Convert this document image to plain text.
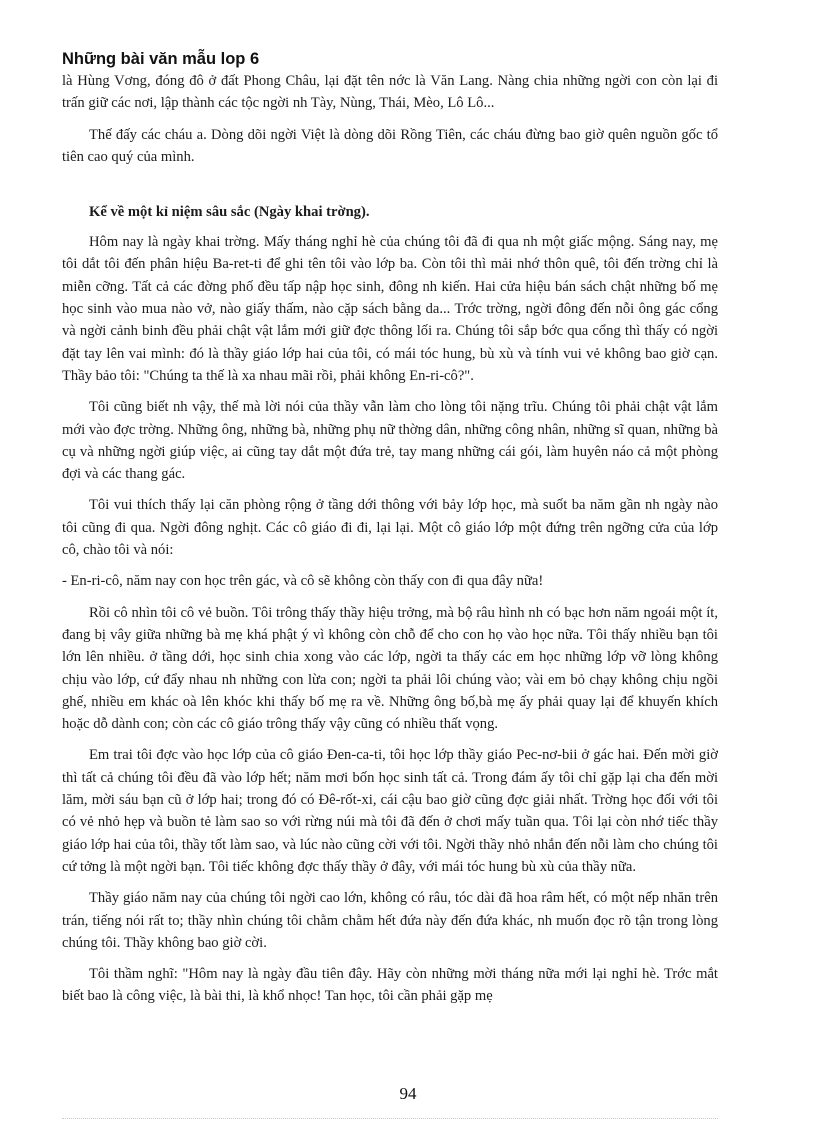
Những bài văn mẫu lop 6

là Hùng Vơng, đóng đô ở đất Phong Châu, lại đặt tên nớc là Văn Lang. Nàng chia những ngời con còn lại đi trấn giữ các nơi, lập thành các tộc ngời nh Tày, Nùng, Thái, Mèo, Lô Lô...

Thế đấy các cháu a. Dòng dõi ngời Việt là dòng dõi Rồng Tiên, các cháu đừng bao giờ quên nguồn gốc tổ tiên cao quý của mình.

Kể về một kỉ niệm sâu sắc (Ngày khai trờng).

Hôm nay là ngày khai trờng. Mấy tháng nghỉ hè của chúng tôi đã đi qua nh một giấc mộng. Sáng nay, mẹ tôi dắt tôi đến phân hiệu Ba-ret-ti để ghi tên tôi vào lớp ba. Còn tôi thì mải nhớ thôn quê, tôi đến trờng chỉ là miễn cỡng. Tất cả các đờng phố đều tấp nập học sinh, đông nh kiến. Hai cửa hiệu bán sách chật những bố mẹ học sinh vào mua nào vở, nào giấy thấm, nào cặp sách bằng da... Trớc trờng, ngời đông đến nỗi ông gác cổng và ngời cảnh binh đều phải chật vật lắm mới giữ đợc thông lối ra. Chúng tôi sắp bớc qua cổng thì thấy có ngời đặt tay lên vai mình: đó là thầy giáo lớp hai của tôi, có mái tóc hung, bù xù và tính vui vẻ không bao giờ cạn. Thầy bảo tôi: "Chúng ta thế là xa nhau mãi rồi, phải không En-ri-cô?".

Tôi cũng biết nh vậy, thế mà lời nói của thầy vẫn làm cho lòng tôi nặng trĩu. Chúng tôi phải chật vật lắm mới vào đợc trờng. Những ông, những bà, những phụ nữ thờng dân, những công nhân, những sĩ quan, những bà cụ và những ngời giúp việc, ai cũng tay dắt một đứa trẻ, tay mang những cái gói, làm huyên náo cả một phòng đợi và các thang gác.

Tôi vui thích thấy lại căn phòng rộng ở tầng dới thông với bảy lớp học, mà suốt ba năm gần nh ngày nào tôi cũng đi qua. Ngời đông nghịt. Các cô giáo đi đi, lại lại. Một cô giáo lớp một đứng trên ngỡng cửa của lớp cô, chào tôi và nói:

- En-ri-cô, năm nay con học trên gác, và cô sẽ không còn thấy con đi qua đây nữa!

Rồi cô nhìn tôi cô vẻ buồn. Tôi trông thấy thầy hiệu trởng, mà bộ râu hình nh có bạc hơn năm ngoái một ít, đang bị vây giữa những bà mẹ khá phật ý vì không còn chỗ để cho con họ vào học nữa. Tôi thấy nhiều bạn tôi lớn lên nhiều. ở tầng dới, học sinh chia xong vào các lớp, ngời ta thấy các em học những lớp vỡ lòng không chịu vào lớp, cứ đẩy nhau nh những con lừa con; ngời ta phải lôi chúng vào; vài em bỏ chạy không chịu ngồi ghế, nhiều em khác oà lên khóc khi thấy bố mẹ ra về. Những ông bố,bà mẹ ấy phải quay lại để khuyến khích hoặc dỗ dành con; còn các cô giáo trông thấy vậy cũng có nhiều thất vọng.

Em trai tôi đợc vào học lớp của cô giáo Đen-ca-ti, tôi học lớp thầy giáo Pec-nơ-bii ở gác hai. Đến mời giờ thì tất cả chúng tôi đều đã vào lớp hết; năm mơi bốn học sinh tất cả. Trong đám ấy tôi chỉ gặp lại cha đến mời lăm, mời sáu bạn cũ ở lớp hai; trong đó có Đê-rốt-xi, cái cậu bao giờ cũng đợc giải nhất. Trờng học đối với tôi có vẻ nhỏ hẹp và buồn tẻ làm sao so với rừng núi mà tôi đã đến ở chơi mấy tuần qua. Tôi lại còn nhớ tiếc thầy giáo lớp hai của tôi, thầy tốt làm sao, và lúc nào cũng cời với tôi. Ngời thầy nhỏ nhắn đến nỗi làm cho chúng tôi cứ tởng là một ngời bạn. Tôi tiếc không đợc thấy thầy ở đây, với mái tóc hung bù xù của thầy nữa.

Thầy giáo năm nay của chúng tôi ngời cao lớn, không có râu, tóc dài đã hoa râm hết, có một nếp nhăn trên trán, tiếng nói rất to; thầy nhìn chúng tôi chằm chằm hết đứa này đến đứa khác, nh muốn đọc rõ tận trong lòng chúng tôi. Thầy không bao giờ cời.

Tôi thầm nghĩ: "Hôm nay là ngày đầu tiên đây. Hãy còn những mời tháng nữa mới lại nghỉ hè. Trớc mắt biết bao là công việc, là bài thi, là khổ nhọc! Tan học, tôi cần phải gặp mẹ

94
